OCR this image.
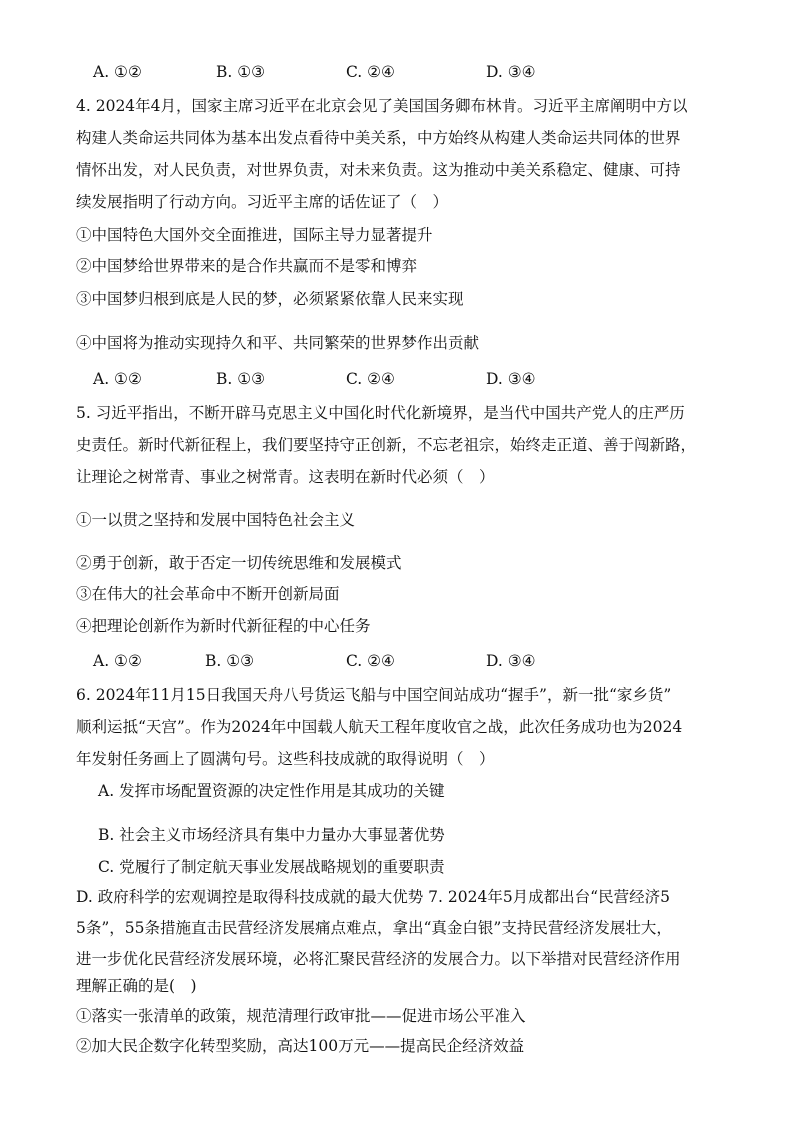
A. ①②	B. ①③	C. ②④	D. ③④
4. 2024年4月，国家主席习近平在北京会见了美国国务卿布林肯。习近平主席阐明中方以
构建人类命运共同体为基本出发点看待中美关系，中方始终从构建人类命运共同体的世界
情怀出发，对人民负责，对世界负责，对未来负责。这为推动中美关系稳定、健康、可持
续发展指明了行动方向。习近平主席的话佐证了（　）
①中国特色大国外交全面推进，国际主导力显著提升
②中国梦给世界带来的是合作共赢而不是零和博弈
③中国梦归根到底是人民的梦，必须紧紧依靠人民来实现
④中国将为推动实现持久和平、共同繁荣的世界梦作出贡献
A. ①②	B. ①③	C. ②④	D. ③④
5. 习近平指出，不断开辟马克思主义中国化时代化新境界，是当代中国共产党人的庄严历
史责任。新时代新征程上，我们要坚持守正创新，不忘老祖宗，始终走正道、善于闯新路，
让理论之树常青、事业之树常青。这表明在新时代必须（　）
①一以贯之坚持和发展中国特色社会主义
②勇于创新，敢于否定一切传统思维和发展模式
③在伟大的社会革命中不断开创新局面
④把理论创新作为新时代新征程的中心任务
A. ①②	B. ①③	C. ②④	D. ③④
6. 2024年11月15日我国天舟八号货运飞船与中国空间站成功“握手”，新一批“家乡货”
顺利运抵“天宫”。作为2024年中国载人航天工程年度收官之战，此次任务成功也为2024
年发射任务画上了圆满句号。这些科技成就的取得说明（　）
A. 发挥市场配置资源的决定性作用是其成功的关键
B. 社会主义市场经济具有集中力量办大事显著优势
C. 党履行了制定航天事业发展战略规划的重要职责
D. 政府科学的宏观调控是取得科技成就的最大优势 7. 2024年5月成都出台“民营经济5
5条”，55条措施直击民营经济发展痛点难点，拿出“真金白银”支持民营经济发展壮大，
进一步优化民营经济发展环境，必将汇聚民营经济的发展合力。以下举措对民营经济作用
理解正确的是(　)
①落实一张清单的政策，规范清理行政审批——促进市场公平准入
②加大民企数字化转型奖励，高达100万元——提高民企经济效益
